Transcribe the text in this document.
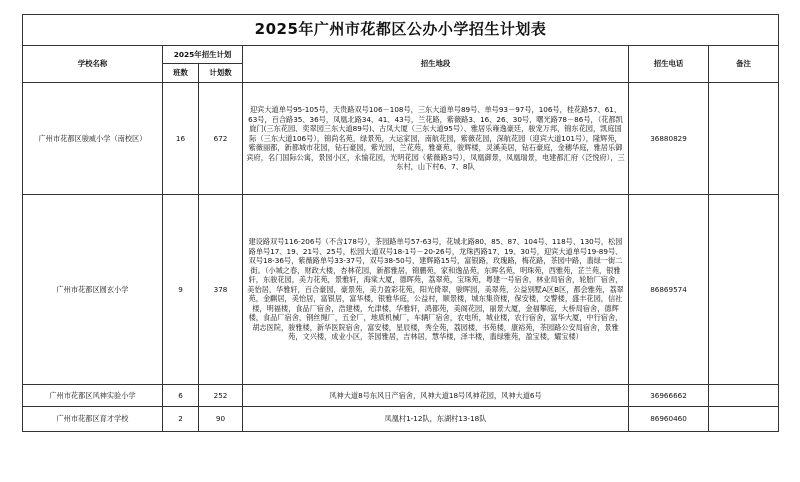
2025年广州市花都区公办小学招生计划表					
学校名称	2025年招生计划		招生地段	招生电话	备注
	班数	计划数			
广州市花都区骏威小学（南校区）	16	672	迎宾大道单号95-105号，天贵路双号106－108号，三东大道单号89号、单号93－97号，106号，桂花路57、61、63号，百合路35、36号，凤凰北路34、41、43号，兰花路，紫薇路3、16、26、30号，曙光路78－86号，（花都凯旋门(三东花园、奕翠园三东大道89号)、古凤大厦（三东大道95号）、雅居乐雍逸豪廷，骏宠万邦，锦东花园，凯庭国际（三东大道106号），锦尚名苑，绿景苑，大运家园，南航花园，紫薇花园，深航花园（迎宾大道101号），隆辉苑，紫薇丽都，新都城市花园，钻石豪园，紫光园，兰花苑，雅豪苑，骏辉楼，灵溪美居，钻石豪庭，金穗华庭，雅居乐御宾府，名门国际公寓，景园小区，永愉花园，光明花园（紫薇路3号），凤凰御景，凤凰瑞景，电建都汇府（泛悦府），三东村，山下村6、7、8队	36880829	
广州市花都区圆玄小学	9	378	建设路双号116-206号（不含178号），茶园路单号57-63号，花城北路80、85、87、104号、118号、130号，松园路单号17、19、21号、25号，松园大道双号18-1号－20-26号，龙珠西路17、19、30号，迎宾大道单号19-89号、双号18-36号，紫薇路单号33-37号，双号38-50号，建辉路15号，富银路，玫瑰路，梅花路，茶园中路，翡绿一街二街。（小城之春，财政大楼，杏林花园，新都雅居，锦鹏苑，家和逸品苑，东晖名苑，明珠苑，西雅苑，芷兰苑，银雅轩，东骏花园，美力花苑，景雅轩，海棠大厦，德晖苑，荔翠苑，宝珠苑，粤建一号宿舍，林业局宿舍，轮胎厂宿舍，美怡居，华雅轩，百合豪园，豪景苑，美力盈彩花苑，阳光倚翠，骏晖园，美翠苑，公益别墅A区B区，都会雅苑，荔翠苑，金麒居，美怡居，富银居，富华楼，银雅华庭，公益村，顺景楼，城东集资楼，保安楼，交警楼，盛丰花园，信社楼，明福楼，食品厂宿舍，浩建楼，允津楼，华雅轩，鸿都苑，美阁花园，丽景大厦，金福攀庭，大桥局宿舍，德辉楼，食品厂宿舍，钢丝绳厂，五金厂，地质机械厂，车辆厂宿舍，农电所，城业楼，农行宿舍，富华大厦，中行宿舍，胡志医院，骏雅楼，新华医院宿舍，富安楼，星辰楼，秀全苑，荔园楼，书苑楼，康裕苑，茶园路公安局宿舍，景雅苑，文兴楼，成业小区，茶园雅居，吉林居，慧华楼，泽丰楼，翡绿雅苑，盈宝楼，耀宝楼）	86869574	
广州市花都区风神实验小学	6	252	风神大道8号东风日产宿舍，风神大道18号风神花园，风神大道6号	36966662	
广州市花都区育才学校	2	90	凤凰村1-12队，东湖村13-18队	86960460	
